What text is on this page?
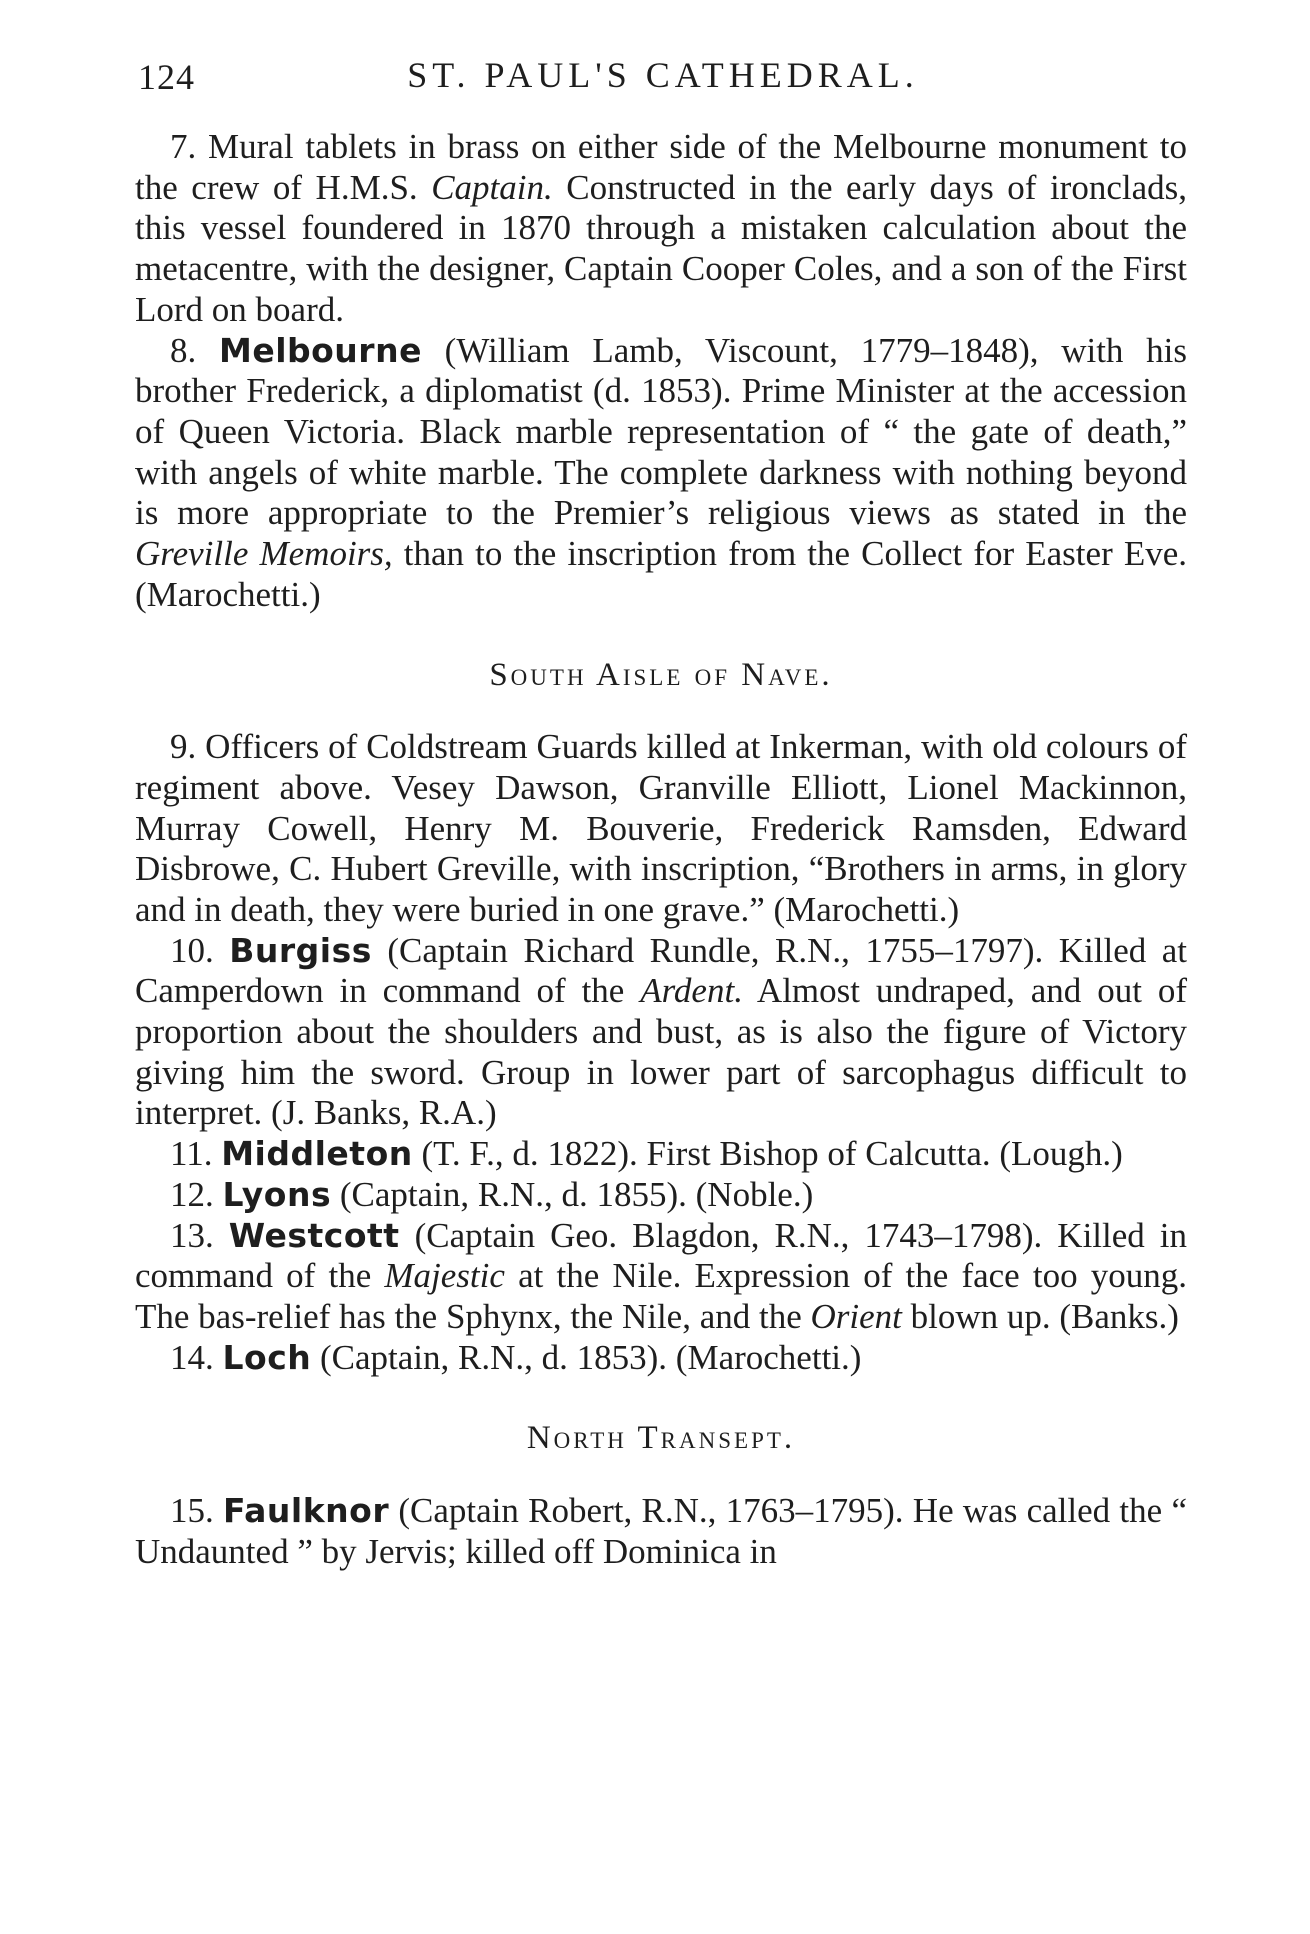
124	ST. PAUL'S CATHEDRAL.

7. Mural tablets in brass on either side of the Melbourne monument to the crew of H.M.S. Captain. Constructed in the early days of ironclads, this vessel foundered in 1870 through a mistaken calculation about the metacentre, with the designer, Captain Cooper Coles, and a son of the First Lord on board.

8. Melbourne (William Lamb, Viscount, 1779–1848), with his brother Frederick, a diplomatist (d. 1853). Prime Minister at the accession of Queen Victoria. Black marble representation of “ the gate of death,” with angels of white marble. The complete darkness with nothing beyond is more appropriate to the Premier’s religious views as stated in the Greville Memoirs, than to the inscription from the Collect for Easter Eve. (Marochetti.)

South Aisle of Nave.

9. Officers of Coldstream Guards killed at Inkerman, with old colours of regiment above. Vesey Dawson, Granville Elliott, Lionel Mackinnon, Murray Cowell, Henry M. Bouverie, Frederick Ramsden, Edward Disbrowe, C. Hubert Greville, with inscription, “Brothers in arms, in glory and in death, they were buried in one grave.” (Marochetti.)

10. Burgiss (Captain Richard Rundle, R.N., 1755–1797). Killed at Camperdown in command of the Ardent. Almost undraped, and out of proportion about the shoulders and bust, as is also the figure of Victory giving him the sword. Group in lower part of sarcophagus difficult to interpret. (J. Banks, R.A.)

11. Middleton (T. F., d. 1822). First Bishop of Calcutta. (Lough.)

12. Lyons (Captain, R.N., d. 1855). (Noble.)

13. Westcott (Captain Geo. Blagdon, R.N., 1743–1798). Killed in command of the Majestic at the Nile. Expression of the face too young. The bas-relief has the Sphynx, the Nile, and the Orient blown up. (Banks.)

14. Loch (Captain, R.N., d. 1853). (Marochetti.)

North Transept.

15. Faulknor (Captain Robert, R.N., 1763–1795). He was called the “ Undaunted ” by Jervis; killed off Dominica in
